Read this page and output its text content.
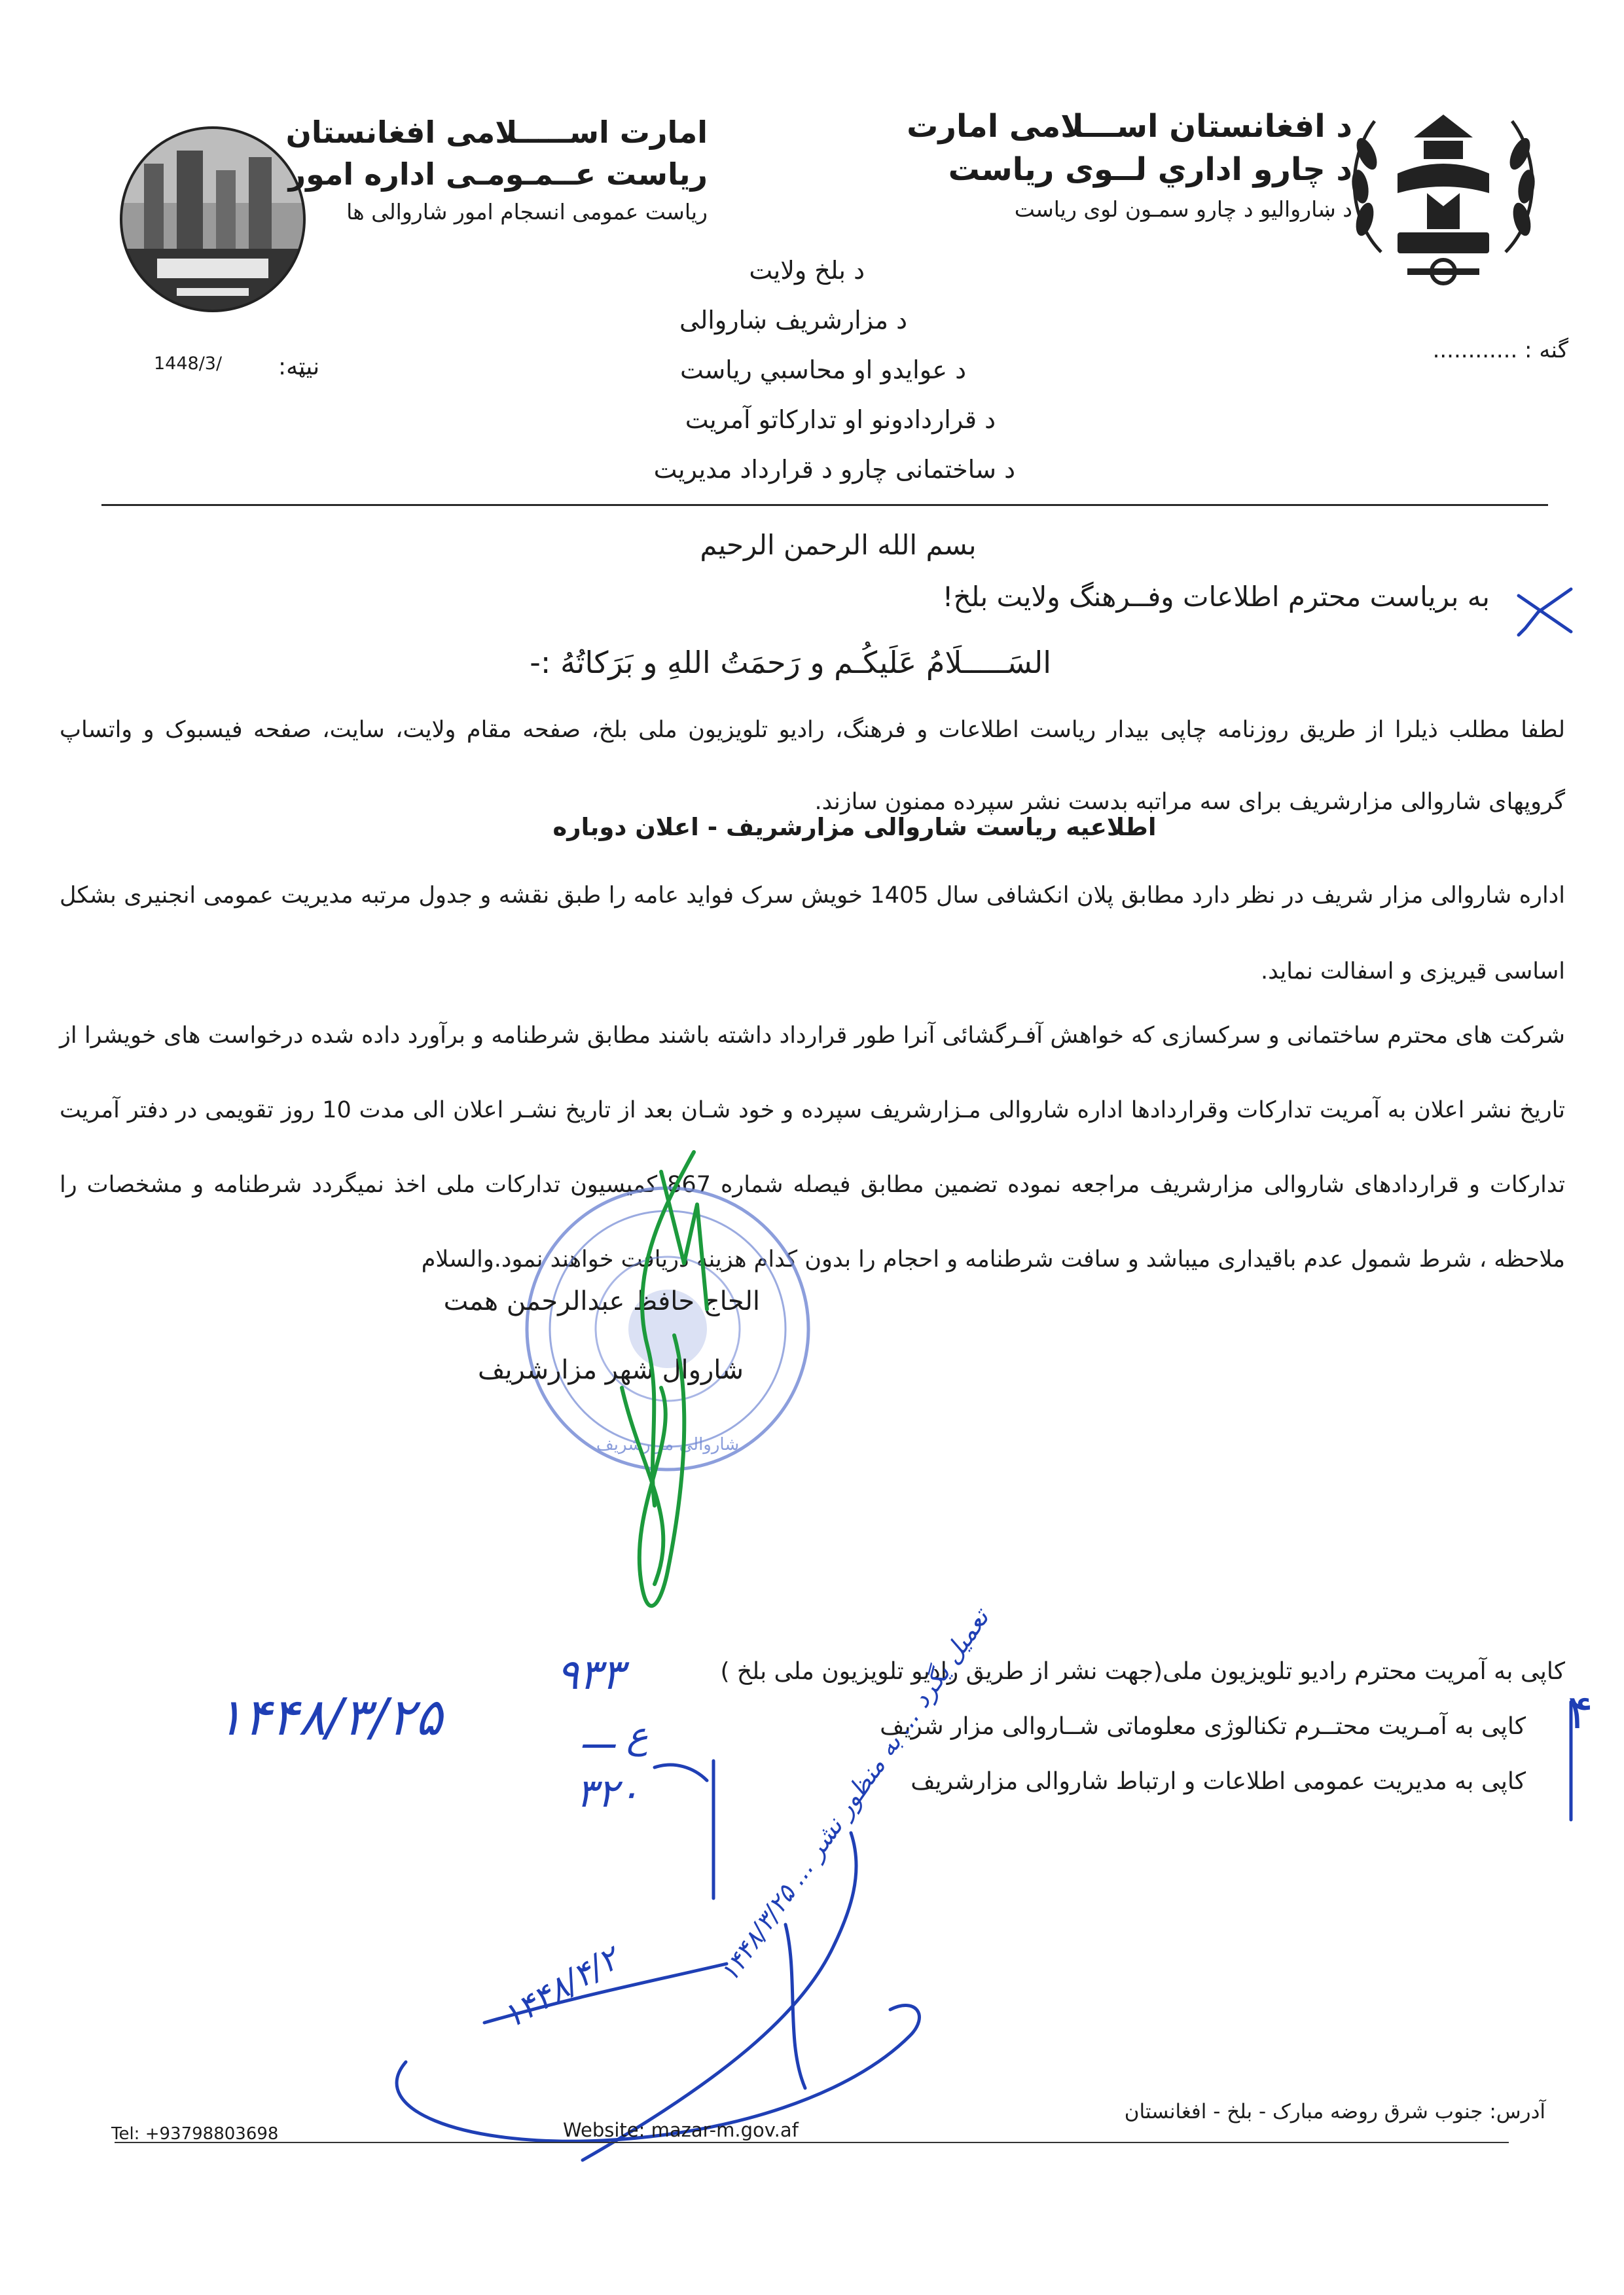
د افغانستان اســـلامی امارت
د چارو اداري لــوی ریاست
د ښاروالیو د چارو سمـون لوی ریاست
امارت اســـــلامی افغانستان
ریاست عــمـومـی اداره امور
ریاست عمومی انسجام امور شاروالی ها
د بلخ ولایت
د مزارشریف ښاروالی
د عوایدو او محاسبي ریاست
د قراردادونو او تدارکاتو آمریت
د ساختمانی چارو د قرارداد مدیریت
گنه : ............
نیټه:
1448/3/
بسم الله الرحمن الرحیم
به بریاست محترم اطلاعات وفــرهنگ ولایت بلخ!
السَـــــلَامُ عَلَیکُـم و رَحمَتُ اللهِ و بَرَکاتُهُ :-
لطفا مطلب ذیلرا از طریق روزنامه چاپی بیدار ریاست اطلاعات و فرهنگ، رادیو تلویزیون ملی بلخ، صفحه مقام ولایت، سایت، صفحه فیسبوک و واتساپ گروپهای شاروالی مزارشریف برای سه مراتبه بدست نشر سپرده ممنون سازند.
اطلاعیه ریاست شاروالی مزارشریف - اعلان دوباره
اداره شاروالی مزار شریف در نظر دارد مطابق پلان انکشافی سال 1405 خویش سرک فواید عامه را طبق نقشه و جدول مرتبه مدیریت عمومی انجنیری بشکل اساسی قیریزی و اسفالت نماید.
شرکت های محترم ساختمانی و سرکسازی که خواهش آفـرگشائی آنرا طور قرارداد داشته باشند مطابق شرطنامه و برآورد داده شده درخواست های خویشرا از تاریخ نشر اعلان به آمریت تدارکات وقراردادها اداره شاروالی مـزارشریف سپرده و خود شـان بعد از تاریخ نشـر اعلان الی مدت 10 روز تقویمی در دفتر آمریت تدارکات و قراردادهای شاروالی مزارشریف مراجعه نموده تضمین مطابق فیصله شماره 867 کمیسیون تدارکات ملی اخذ نمیگردد شرطنامه و مشخصات را ملاحظه ، شرط شمول عدم باقیداری میباشد و سافت شرطنامه و احجام را بدون کدام هزینه دریافت خواهند نمود.والسلام
شاروالی مزارشریف
الحاج حافظ عبدالرحمن همت
شاروال شهر مزارشریف
کاپی به آمریت محترم رادیو تلویزیون ملی(جهت نشر از طریق رادیو تلویزیون ملی بلخ )
کاپی به آمـریت محتــرم تکنالوژی معلوماتی شــاروالی مزار شریف
کاپی به مدیریت عمومی اطلاعات و ارتباط شاروالی مزارشریف
۱۴۴۸/۳/۲۵
۹۳۳
ع ـــ
۳۲۰
۴
۱۴۴۸/۴/۲
تعمیل یگرد ... به منظور نشر ... ۱۴۴۸/۳/۲۵
Tel: +93798803698	Website: mazar-m.gov.af
آدرس: جنوب شرق روضه مبارک - بلخ - افغانستان
